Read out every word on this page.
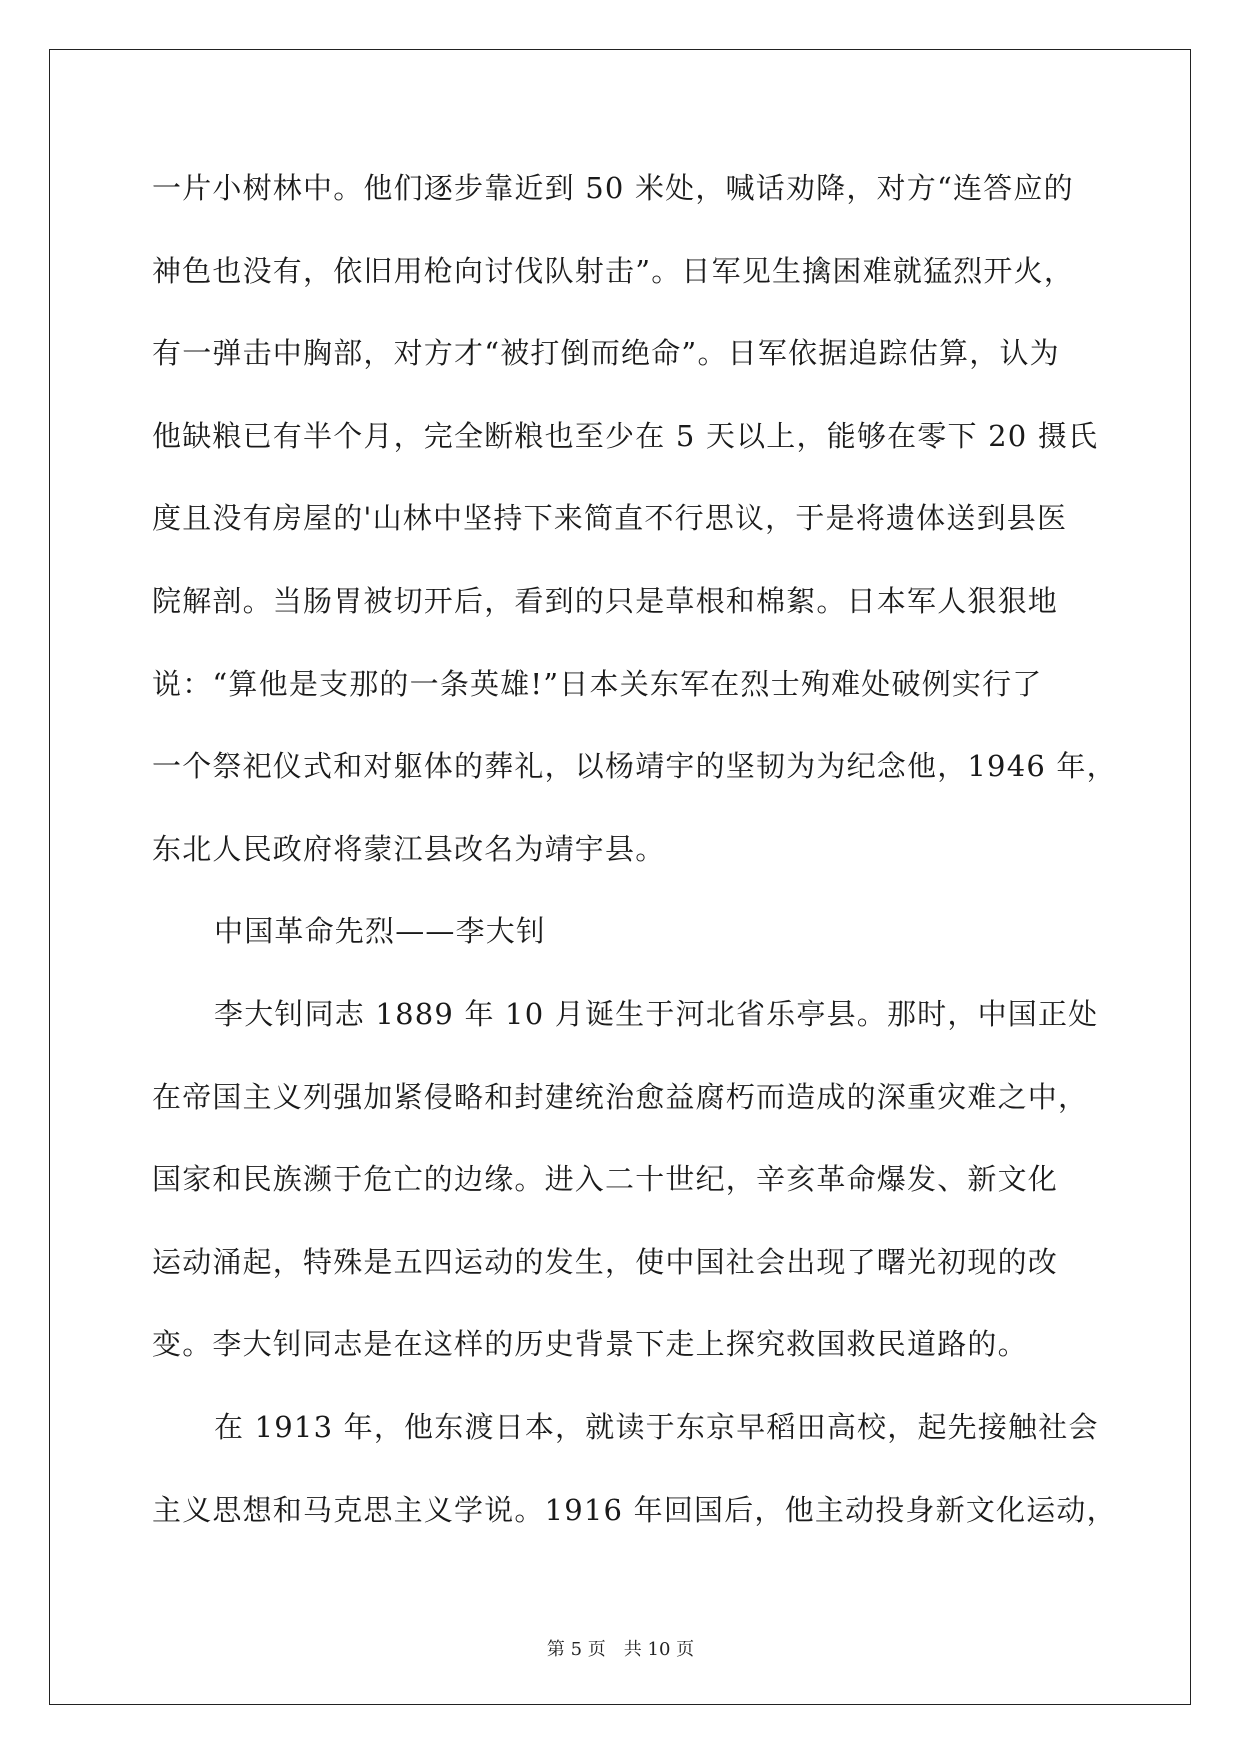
一片小树林中。他们逐步靠近到 50 米处，喊话劝降，对方“连答应的
神色也没有，依旧用枪向讨伐队射击”。日军见生擒困难就猛烈开火，
有一弹击中胸部，对方才“被打倒而绝命”。日军依据追踪估算，认为
他缺粮已有半个月，完全断粮也至少在 5 天以上，能够在零下 20 摄氏
度且没有房屋的'山林中坚持下来简直不行思议，于是将遗体送到县医
院解剖。当肠胃被切开后，看到的只是草根和棉絮。日本军人狠狠地
说：“算他是支那的一条英雄!”日本关东军在烈士殉难处破例实行了
一个祭祀仪式和对躯体的葬礼，以杨靖宇的坚韧为为纪念他，1946 年，
东北人民政府将蒙江县改名为靖宇县。
中国革命先烈——李大钊
李大钊同志 1889 年 10 月诞生于河北省乐亭县。那时，中国正处
在帝国主义列强加紧侵略和封建统治愈益腐朽而造成的深重灾难之中，
国家和民族濒于危亡的边缘。进入二十世纪，辛亥革命爆发、新文化
运动涌起，特殊是五四运动的发生，使中国社会出现了曙光初现的改
变。李大钊同志是在这样的历史背景下走上探究救国救民道路的。
在 1913 年，他东渡日本，就读于东京早稻田高校，起先接触社会
主义思想和马克思主义学说。1916 年回国后，他主动投身新文化运动，
第 5 页　共 10 页
